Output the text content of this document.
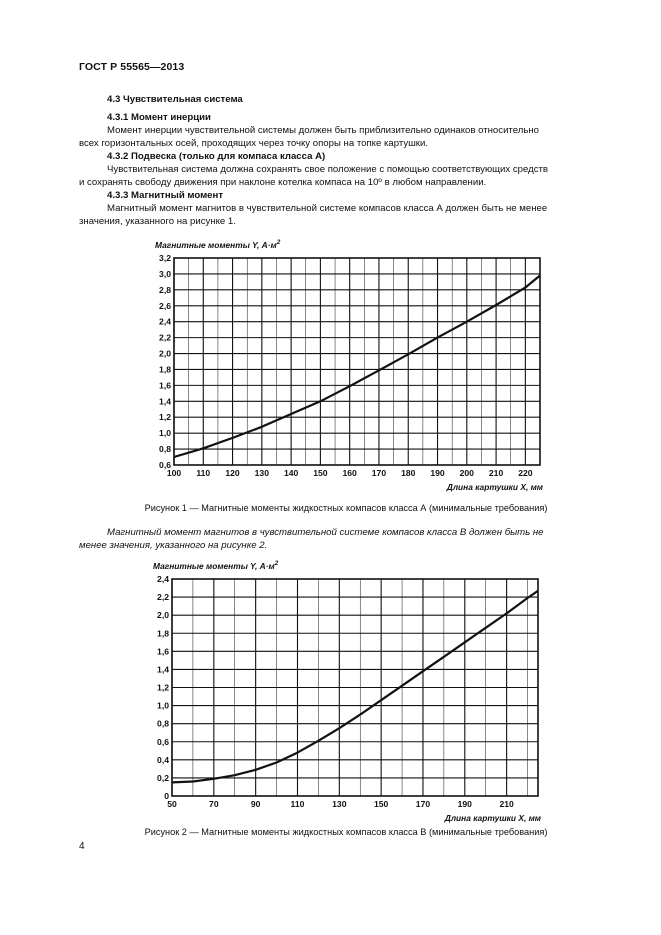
ГОСТ Р 55565—2013
4.3 Чувствительная система
4.3.1 Момент инерции
Момент инерции чувствительной системы должен быть приблизительно одинаков относительно
всех горизонтальных осей, проходящих через точку опоры на топке картушки.
4.3.2 Подвеска (только для компаса класса А)
Чувствительная система должна сохранять свое положение с помощью соответствующих средств
и сохранять свободу движения при наклоне котелка компаса на 10º в любом направлении.
4.3.3 Магнитный момент
Магнитный момент магнитов в чувствительной системе компасов класса А должен быть не менее
значения, указанного на рисунке 1.
100 110 120 130 140 150 160 170 180 190 200 210 220
0,6
0,8
1,0
1,2
1,4
1,6
1,8
2,0
2,2
2,4
2,6
2,8
3,0
3,2
Магнитные моменты Y, $А\cdot м^2$
Длина картушки X, мм
Рисунок 1 — Магнитные моменты жидкостных компасов класса А (минимальные требования)
Магнитный момент магнитов в чувствительной системе компасов класса В должен быть не
менее значения, указанного на рисунке 2.
50	70	90	110	130	150	170	190	210
0
0,2
0,4
0,6
0,8
1,0
1,2
1,4
1,6
1,8
2,0
2,2
2,4
Магнитные моменты Y, $А\cdot м^2$
Длина картушки X, мм
Рисунок 2 — Магнитные моменты жидкостных компасов класса В (минимальные требования)
4
